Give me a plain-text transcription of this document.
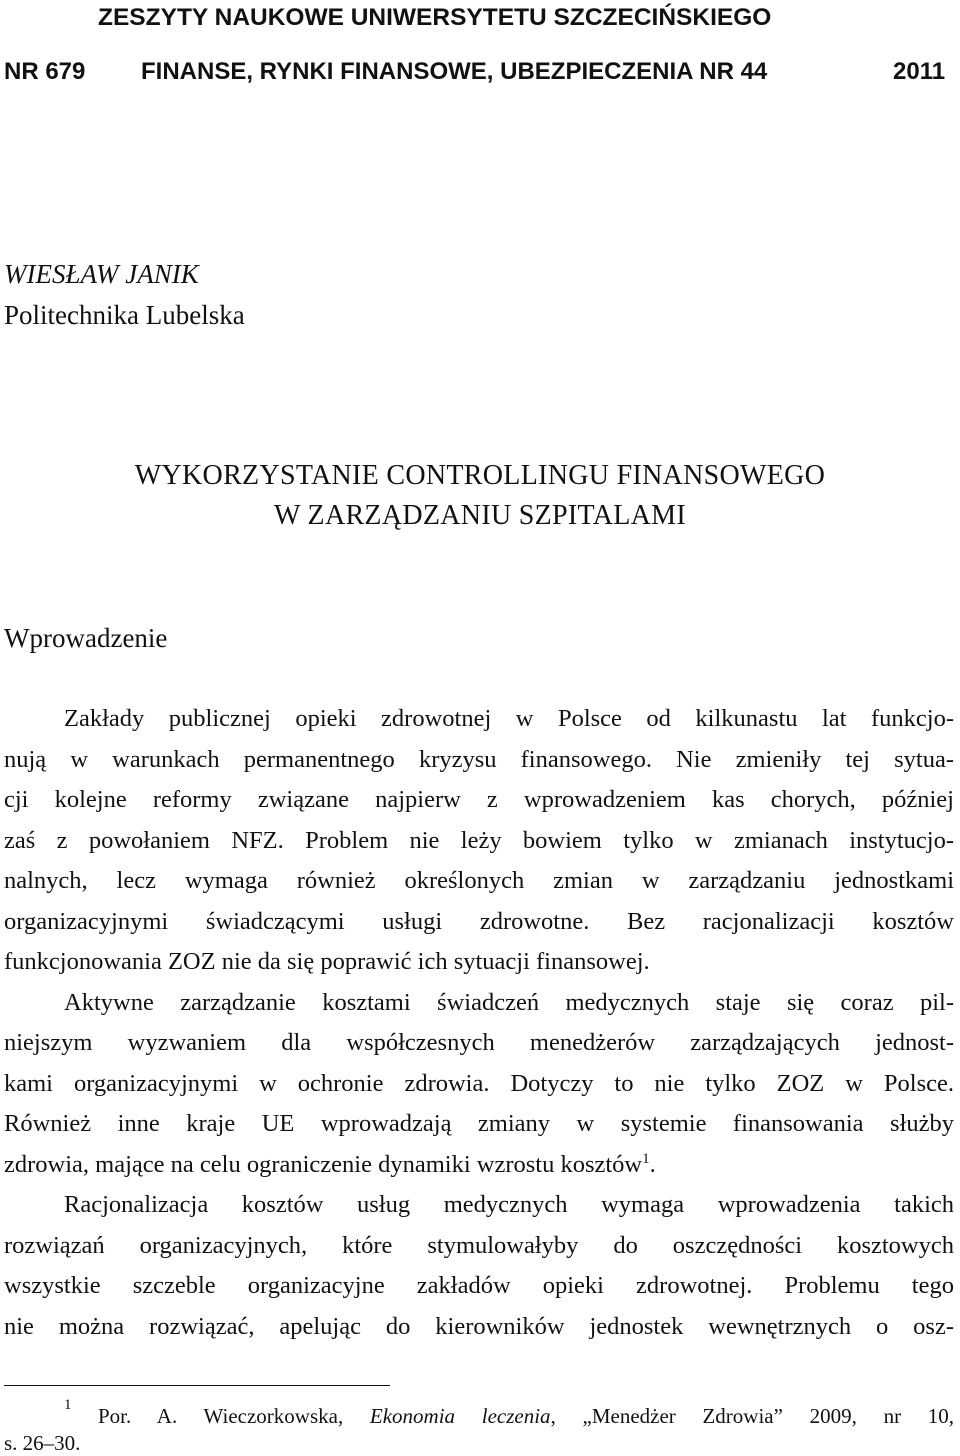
ZESZYTY NAUKOWE UNIWERSYTETU SZCZECIŃSKIEGO
NR 679 FINANSE, RYNKI FINANSOWE, UBEZPIECZENIA NR 44	2011
WIESŁAW JANIK
Politechnika Lubelska
WYKORZYSTANIE CONTROLLINGU FINANSOWEGO
W ZARZĄDZANIU SZPITALAMI
Wprowadzenie
Zakłady publicznej opieki zdrowotnej w Polsce od kilkunastu lat funkcjo-
nują w warunkach permanentnego kryzysu finansowego. Nie zmieniły tej sytua-
cji kolejne reformy związane najpierw z wprowadzeniem kas chorych, później
zaś z powołaniem NFZ. Problem nie leży bowiem tylko w zmianach instytucjo-
nalnych, lecz wymaga również określonych zmian w zarządzaniu jednostkami
organizacyjnymi świadczącymi usługi zdrowotne. Bez racjonalizacji kosztów
funkcjonowania ZOZ nie da się poprawić ich sytuacji finansowej.
Aktywne zarządzanie kosztami świadczeń medycznych staje się coraz pil-
niejszym wyzwaniem dla współczesnych menedżerów zarządzających jednost-
kami organizacyjnymi w ochronie zdrowia. Dotyczy to nie tylko ZOZ w Polsce.
Również inne kraje UE wprowadzają zmiany w systemie finansowania służby
zdrowia, mające na celu ograniczenie dynamiki wzrostu kosztów$^1$.
Racjonalizacja kosztów usług medycznych wymaga wprowadzenia takich
rozwiązań organizacyjnych, które stymulowałyby do oszczędności kosztowych
wszystkie szczeble organizacyjne zakładów opieki zdrowotnej. Problemu tego
nie można rozwiązać, apelując do kierowników jednostek wewnętrznych o osz-
1 Por. A. Wieczorkowska, Ekonomia leczenia, „Menedżer Zdrowia” 2009, nr 10,
s. 26–30.
